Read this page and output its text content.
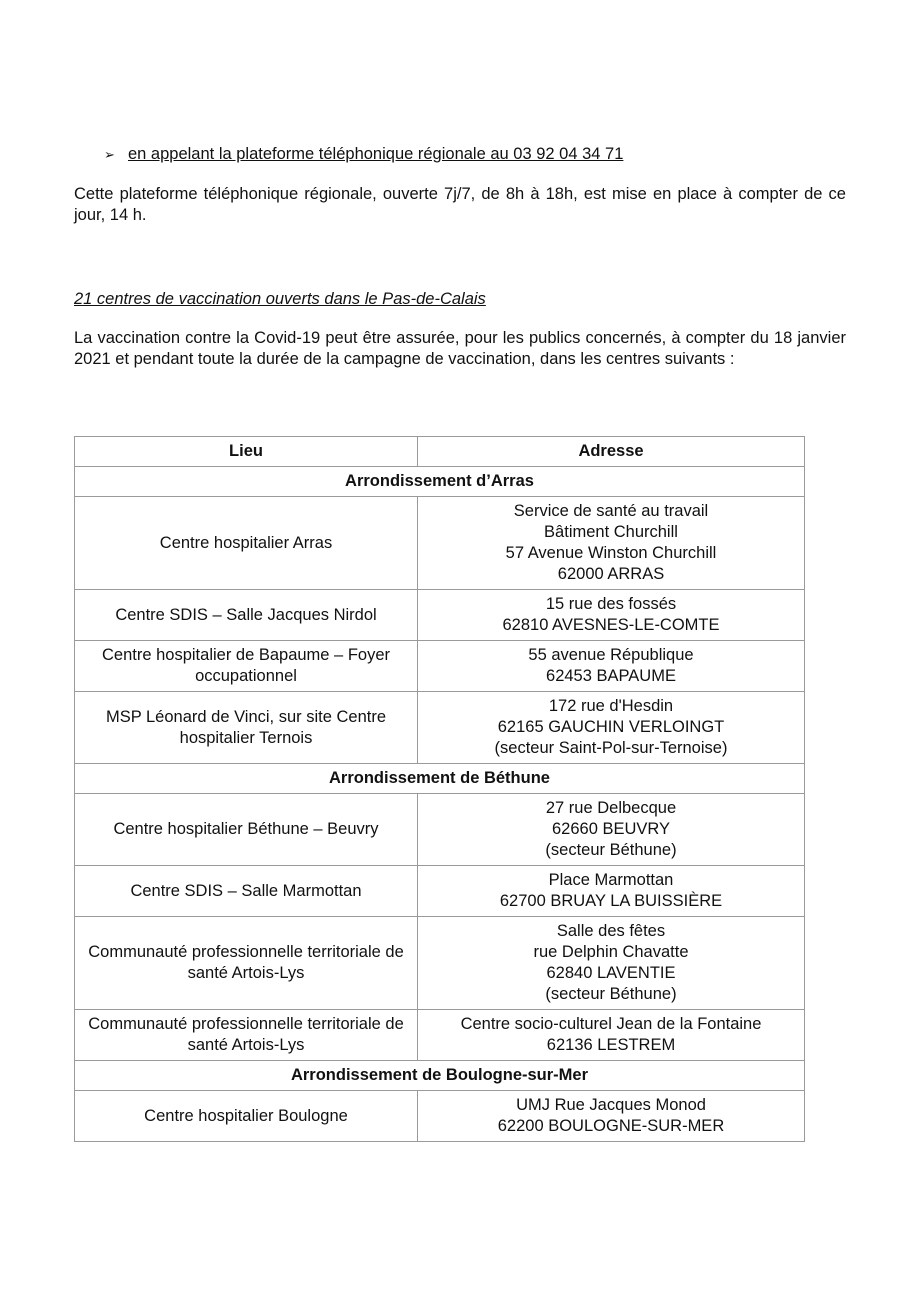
➢ en appelant la plateforme téléphonique régionale au 03 92 04 34 71

Cette plateforme téléphonique régionale, ouverte 7j/7, de 8h à 18h, est mise en place à compter de ce jour, 14 h.

21 centres de vaccination ouverts dans le Pas-de-Calais

La vaccination contre la Covid-19 peut être assurée, pour les publics concernés, à compter du 18 janvier 2021 et pendant toute la durée de la campagne de vaccination, dans les centres suivants :

Lieu	Adresse
Arrondissement d’Arras	
Centre hospitalier Arras	Service de santé au travail
Bâtiment Churchill
57 Avenue Winston Churchill
62000 ARRAS

Centre SDIS – Salle Jacques Nirdol	15 rue des fossés
62810 AVESNES-LE-COMTE

Centre hospitalier de Bapaume – Foyer occupationnel	55 avenue République
62453 BAPAUME

MSP Léonard de Vinci, sur site Centre hospitalier Ternois	172 rue d'Hesdin
62165 GAUCHIN VERLOINGT
(secteur Saint-Pol-sur-Ternoise)

Arrondissement de Béthune	
Centre hospitalier Béthune – Beuvry	27 rue Delbecque
62660 BEUVRY
(secteur Béthune)

Centre SDIS – Salle Marmottan	Place Marmottan
62700 BRUAY LA BUISSIÈRE

Communauté professionnelle territoriale de santé Artois-Lys	Salle des fêtes
rue Delphin Chavatte
62840 LAVENTIE
(secteur Béthune)

Communauté professionnelle territoriale de santé Artois-Lys	Centre socio-culturel Jean de la Fontaine
62136 LESTREM

Arrondissement de Boulogne-sur-Mer	
Centre hospitalier Boulogne	UMJ Rue Jacques Monod
62200 BOULOGNE-SUR-MER
